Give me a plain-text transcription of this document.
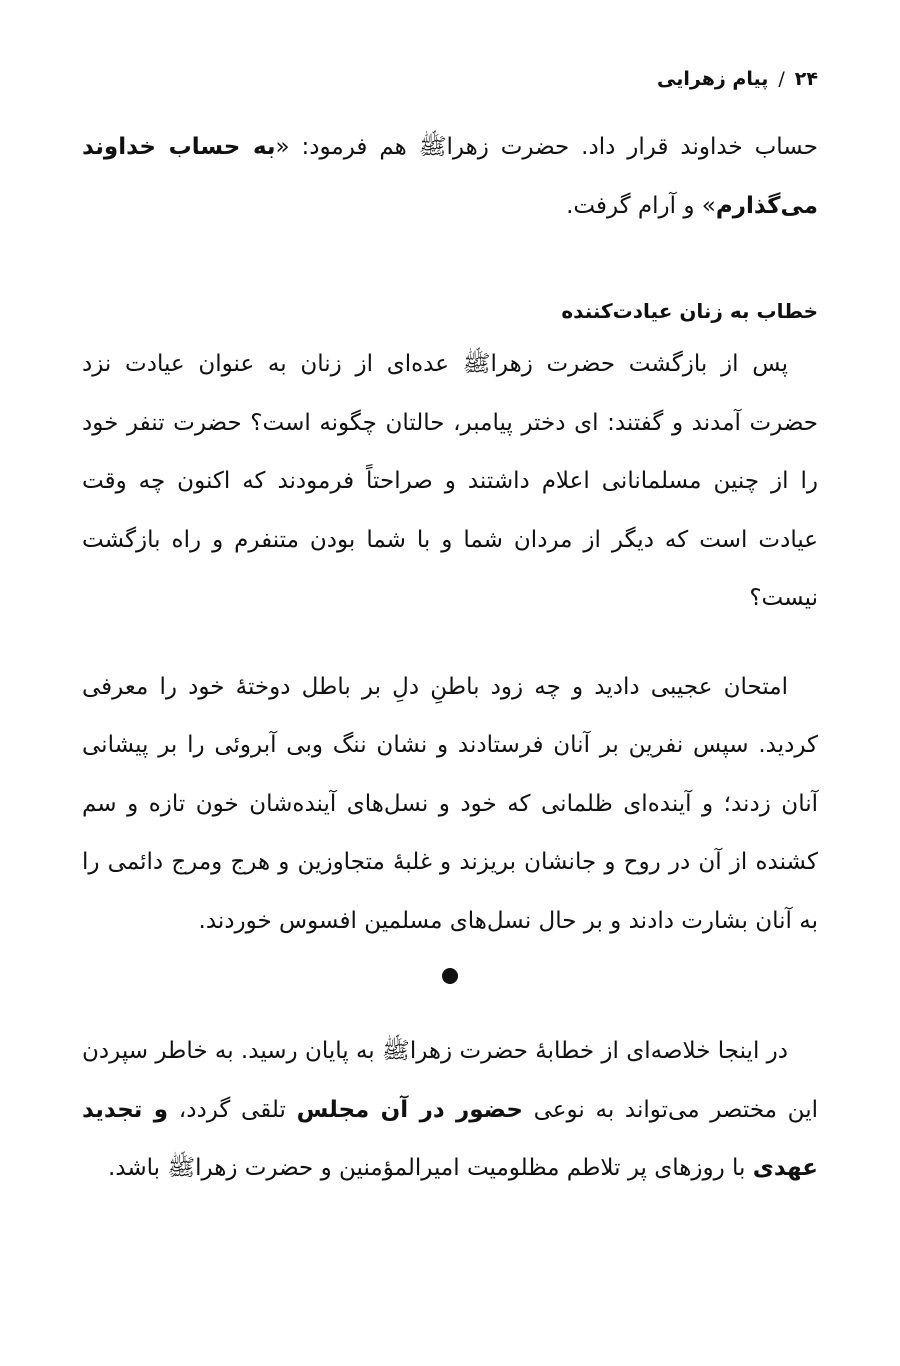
۲۴/پیام زهرایی

حساب خداوند قرار داد. حضرت زهراﷺ هم فرمود: «به حساب خداوند می‌گذارم» و آرام گرفت.

خطاب به زنان عیادت‌کننده

پس از بازگشت حضرت زهراﷺ عده‌ای از زنان به عنوان عیادت نزد حضرت آمدند و گفتند: ای دختر پیامبر، حالتان چگونه است؟ حضرت تنفر خود را از چنین مسلمانانی اعلام داشتند و صراحتاً فرمودند که اکنون چه وقت عیادت است که دیگر از مردان شما و با شما بودن متنفرم و راه بازگشت نیست؟

امتحان عجیبی دادید و چه زود باطنِ دلِ بر باطل دوختهٔ خود را معرفی کردید. سپس نفرین بر آنان فرستادند و نشان ننگ وبی آبروئی را بر پیشانی آنان زدند؛ و آینده‌ای ظلمانی که خود و نسل‌های آینده‌شان خون تازه و سم کشنده از آن در روح و جانشان بریزند و غلبهٔ متجاوزین و هرج ومرج دائمی را به آنان بشارت دادند و بر حال نسل‌های مسلمین افسوس خوردند.

در اینجا خلاصه‌ای از خطابهٔ حضرت زهراﷺ به پایان رسید. به خاطر سپردن این مختصر می‌تواند به نوعی حضور در آن مجلس تلقی گردد، و تجدید عهدی با روزهای پر تلاطم مظلومیت امیرالمؤمنین و حضرت زهراﷺ باشد.
